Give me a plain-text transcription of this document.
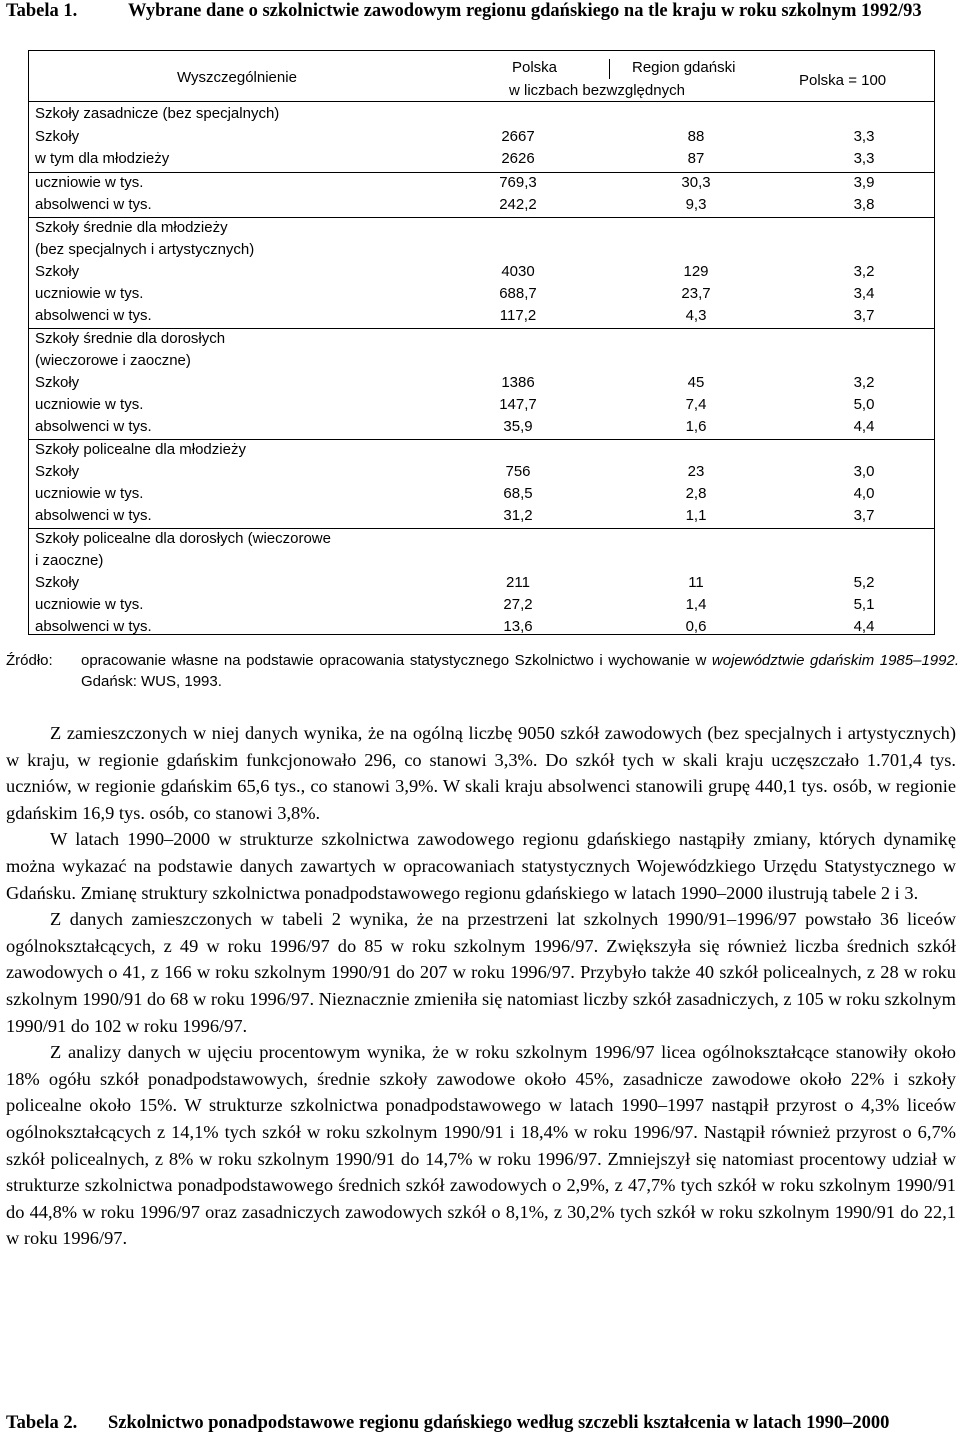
Tabela 1.	Wybrane dane o szkolnictwie zawodowym regionu gdańskiego na tle kraju w roku szkolnym 1992/93
Wyszczególnienie
Polska	Region gdański
w liczbach bezwzględnych
Polska = 100
Szkoły zasadnicze (bez specjalnych)
Szkoły	2667	88	3,3
w tym dla młodzieży	2626	87	3,3
uczniowie w tys.	769,3	30,3	3,9
absolwenci w tys.	242,2	9,3	3,8
Szkoły średnie dla młodzieży
(bez specjalnych i artystycznych)
Szkoły	4030	129	3,2
uczniowie w tys.	688,7	23,7	3,4
absolwenci w tys.	117,2	4,3	3,7
Szkoły średnie dla dorosłych
(wieczorowe i zaoczne)
Szkoły	1386	45	3,2
uczniowie w tys.	147,7	7,4	5,0
absolwenci w tys.	35,9	1,6	4,4
Szkoły policealne dla młodzieży
Szkoły	756	23	3,0
uczniowie w tys.	68,5	2,8	4,0
absolwenci w tys.	31,2	1,1	3,7
Szkoły policealne dla dorosłych (wieczorowe
i zaoczne)
Szkoły	211	11	5,2
uczniowie w tys.	27,2	1,4	5,1
absolwenci w tys.	13,6	0,6	4,4
Źródło: opracowanie własne na podstawie opracowania statystycznego Szkolnictwo i wychowanie w województwie gdańskim 1985–1992. Gdańsk: WUS, 1993.

Z zamieszczonych w niej danych wynika, że na ogólną liczbę 9050 szkół zawodowych (bez specjalnych i artystycznych) w kraju, w regionie gdańskim funkcjonowało 296, co stanowi 3,3%. Do szkół tych w skali kraju uczęszczało 1.701,4 tys. uczniów, w regionie gdańskim 65,6 tys., co stanowi 3,9%. W skali kraju absolwenci stanowili grupę 440,1 tys. osób, w regionie gdańskim 16,9 tys. osób, co stanowi 3,8%.

W latach 1990–2000 w strukturze szkolnictwa zawodowego regionu gdańskiego nastąpiły zmiany, których dynamikę można wykazać na podstawie danych zawartych w opracowaniach statystycznych Wojewódzkiego Urzędu Statystycznego w Gdańsku. Zmianę struktury szkolnictwa ponadpodstawowego regionu gdańskiego w latach 1990–2000 ilustrują tabele 2 i 3.

Z danych zamieszczonych w tabeli 2 wynika, że na przestrzeni lat szkolnych 1990/91–1996/97 powstało 36 liceów ogólnokształcących, z 49 w roku 1996/97 do 85 w roku szkolnym 1996/97. Zwiększyła się również liczba średnich szkół zawodowych o 41, z 166 w roku szkolnym 1990/91 do 207 w roku 1996/97. Przybyło także 40 szkół policealnych, z 28 w roku szkolnym 1990/91 do 68 w roku 1996/97. Nieznacznie zmieniła się natomiast liczby szkół zasadniczych, z 105 w roku szkolnym 1990/91 do 102 w roku 1996/97.

Z analizy danych w ujęciu procentowym wynika, że w roku szkolnym 1996/97 licea ogólnokształcące stanowiły około 18% ogółu szkół ponadpodstawowych, średnie szkoły zawodowe około 45%, zasadnicze zawodowe około 22% i szkoły policealne około 15%. W strukturze szkolnictwa ponadpodstawowego w latach 1990–1997 nastąpił przyrost o 4,3% liceów ogólnokształcących z 14,1% tych szkół w roku szkolnym 1990/91 i 18,4% w roku 1996/97. Nastąpił również przyrost o 6,7% szkół policealnych, z 8% w roku szkolnym 1990/91 do 14,7% w roku 1996/97. Zmniejszył się natomiast procentowy udział w strukturze szkolnictwa ponadpodstawowego średnich szkół zawodowych o 2,9%, z 47,7% tych szkół w roku szkolnym 1990/91 do 44,8% w roku 1996/97 oraz zasadniczych zawodowych szkół o 8,1%, z 30,2% tych szkół w roku szkolnym 1990/91 do 22,1 w roku 1996/97.

Tabela 2. Szkolnictwo ponadpodstawowe regionu gdańskiego według szczebli kształcenia w latach 1990–2000
